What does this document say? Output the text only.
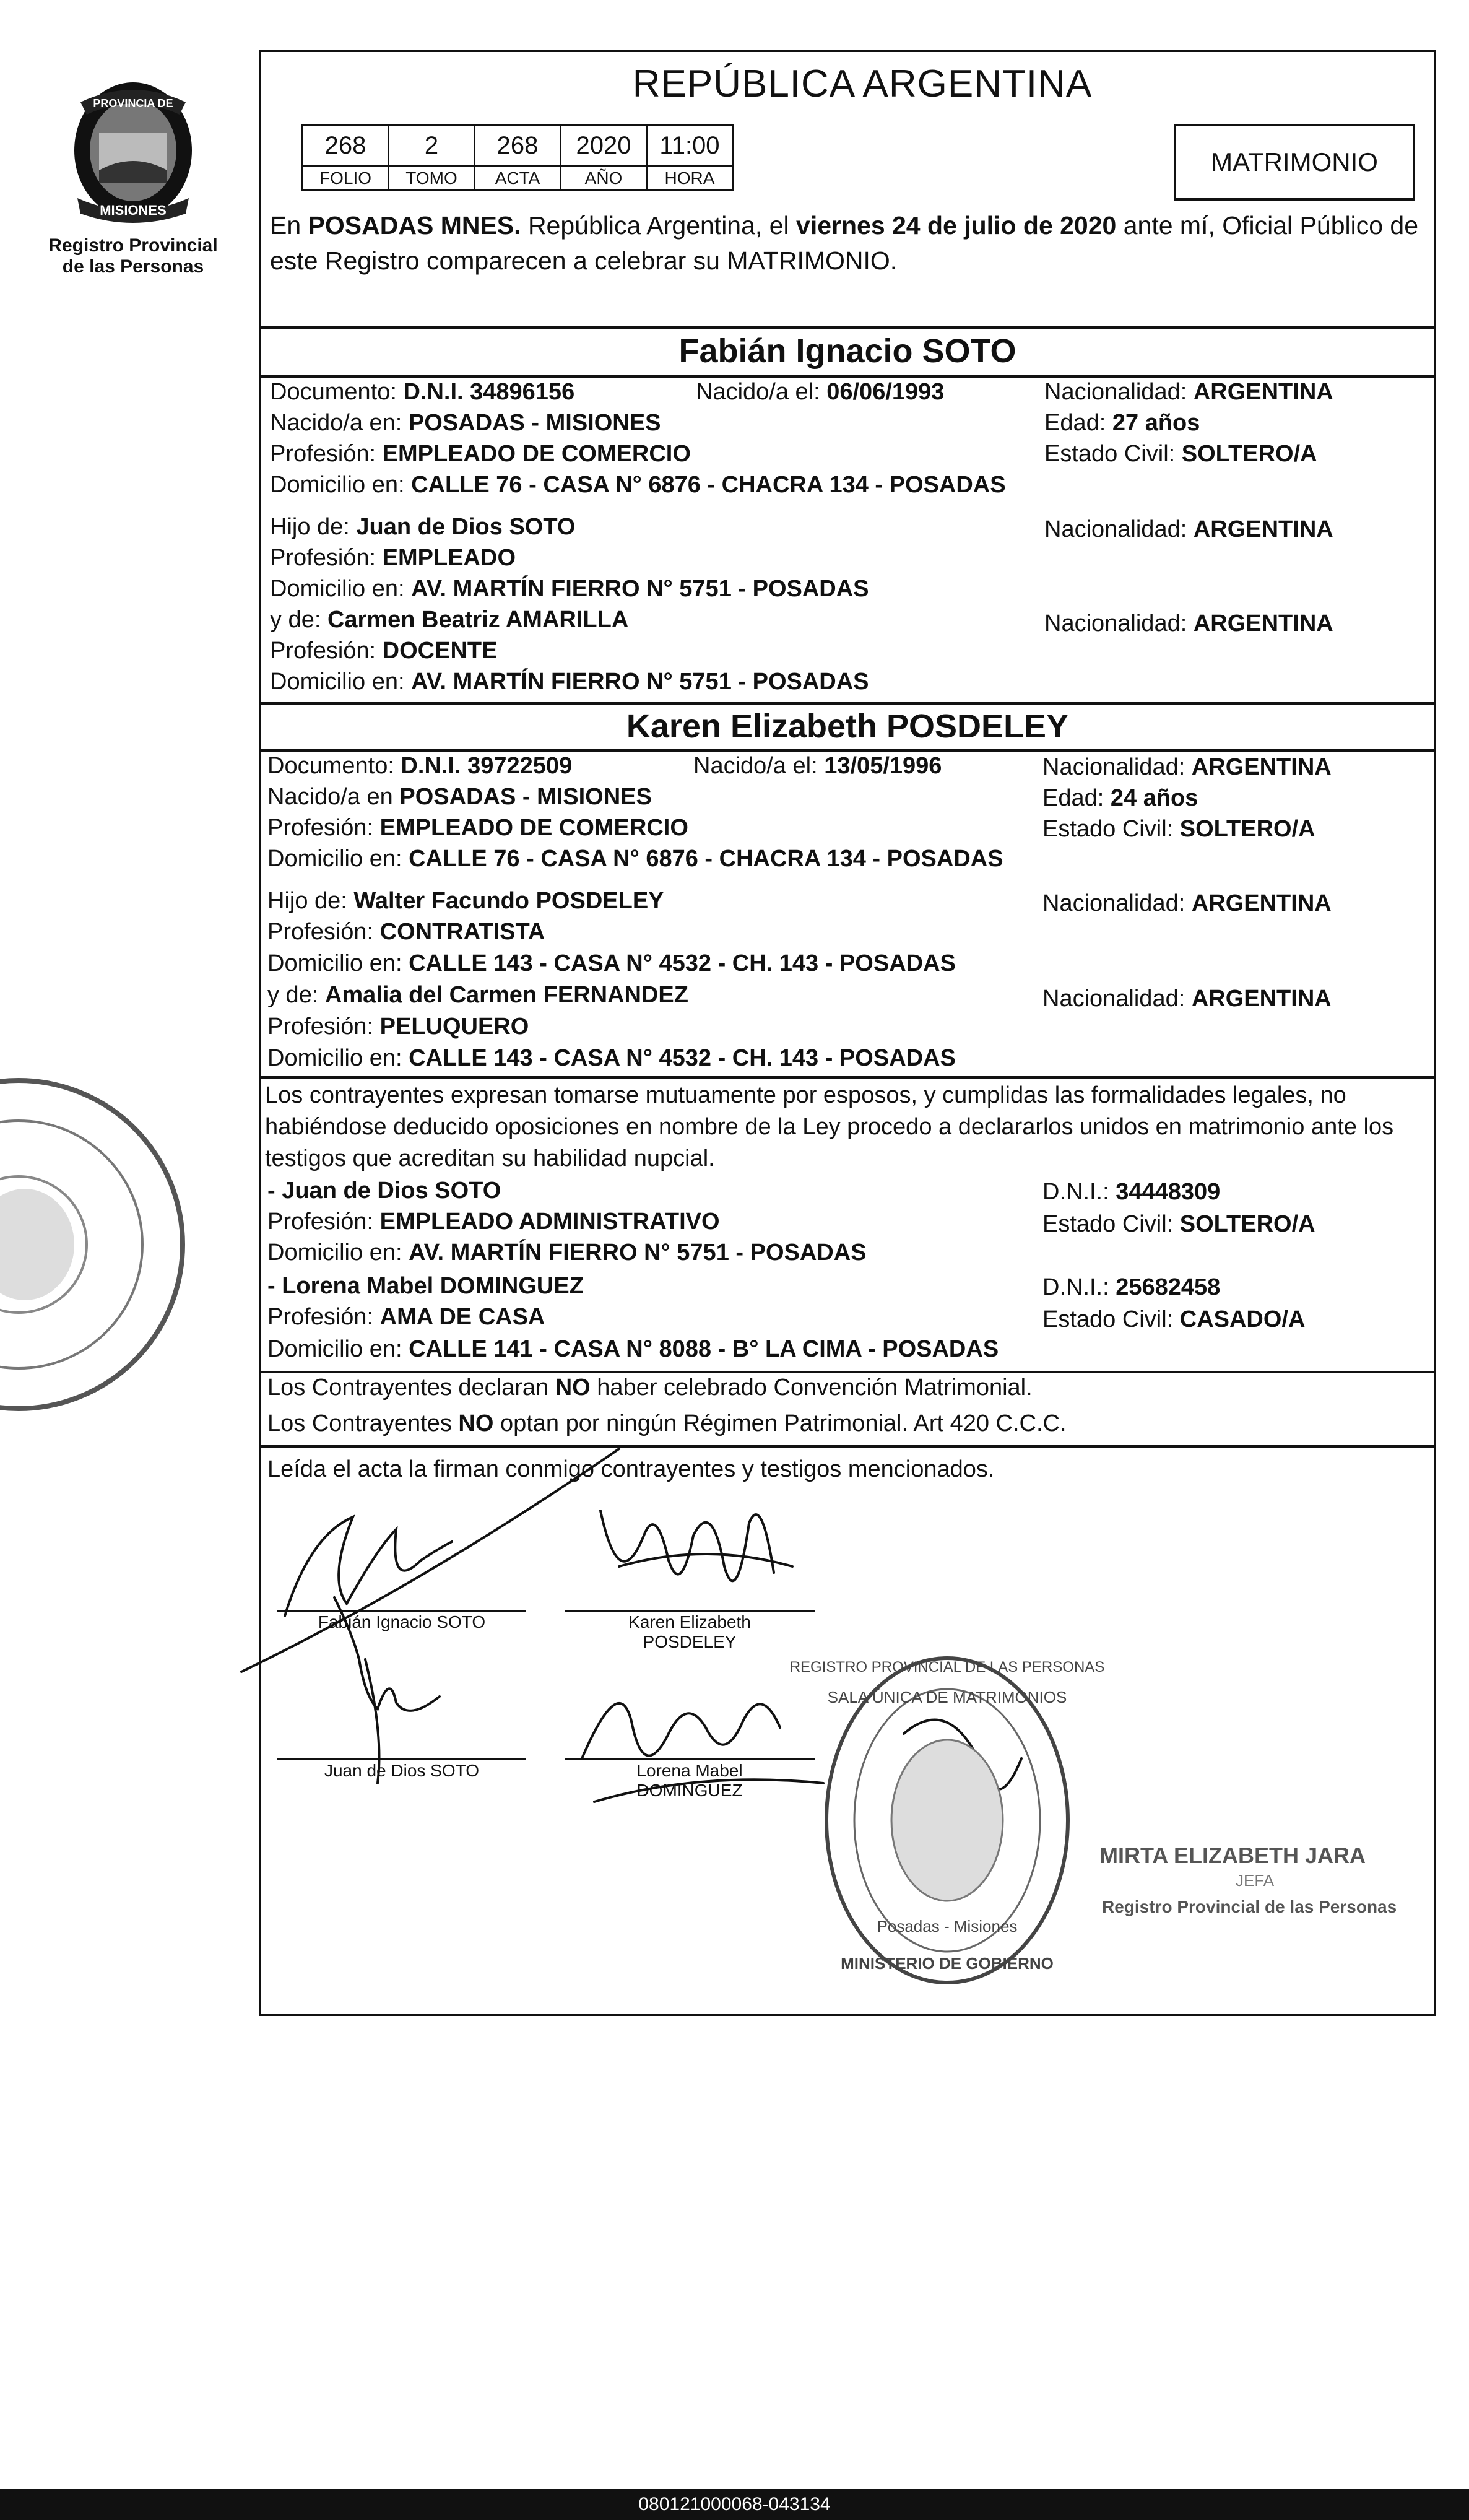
PROVINCIA DE
MISIONES
Registro Provincial
de las Personas
REPÚBLICA ARGENTINA
268	2	268	2020	11:00
FOLIO	TOMO	ACTA	AÑO	HORA
MATRIMONIO
En POSADAS MNES. República Argentina, el viernes 24 de julio de 2020 ante mí, Oficial Público de este Registro comparecen a celebrar su MATRIMONIO.
Fabián Ignacio SOTO
Documento: D.N.I. 34896156	Nacido/a el: 06/06/1993	Nacionalidad: ARGENTINA
Nacido/a en: POSADAS - MISIONES	Edad: 27 años
Profesión: EMPLEADO DE COMERCIO	Estado Civil: SOLTERO/A
Domicilio en: CALLE 76 - CASA N° 6876 - CHACRA 134 - POSADAS
Hijo de: Juan de Dios SOTO	Nacionalidad: ARGENTINA
Profesión: EMPLEADO
Domicilio en: AV. MARTÍN FIERRO N° 5751 - POSADAS
y de: Carmen Beatriz AMARILLA	Nacionalidad: ARGENTINA
Profesión: DOCENTE
Domicilio en: AV. MARTÍN FIERRO N° 5751 - POSADAS
Karen Elizabeth POSDELEY
Documento: D.N.I. 39722509	Nacido/a el: 13/05/1996	Nacionalidad: ARGENTINA
Nacido/a en POSADAS - MISIONES	Edad: 24 años
Profesión: EMPLEADO DE COMERCIO	Estado Civil: SOLTERO/A
Domicilio en: CALLE 76 - CASA N° 6876 - CHACRA 134 - POSADAS
Hijo de: Walter Facundo POSDELEY	Nacionalidad: ARGENTINA
Profesión: CONTRATISTA
Domicilio en: CALLE 143 - CASA N° 4532 - CH. 143 - POSADAS
y de: Amalia del Carmen FERNANDEZ	Nacionalidad: ARGENTINA
Profesión: PELUQUERO
Domicilio en: CALLE 143 - CASA N° 4532 - CH. 143 - POSADAS
Los contrayentes expresan tomarse mutuamente por esposos, y cumplidas las formalidades legales, no habiéndose deducido oposiciones en nombre de la Ley procedo a declararlos unidos en matrimonio ante los testigos que acreditan su habilidad nupcial.
- Juan de Dios SOTO	D.N.I.: 34448309
Profesión: EMPLEADO ADMINISTRATIVO	Estado Civil: SOLTERO/A
Domicilio en: AV. MARTÍN FIERRO N° 5751 - POSADAS
- Lorena Mabel DOMINGUEZ	D.N.I.: 25682458
Profesión: AMA DE CASA	Estado Civil: CASADO/A
Domicilio en: CALLE 141 - CASA N° 8088 - B° LA CIMA - POSADAS
Los Contrayentes declaran NO haber celebrado Convención Matrimonial.
Los Contrayentes NO optan por ningún Régimen Patrimonial. Art 420 C.C.C.
Leída el acta la firman conmigo contrayentes y testigos mencionados.
Fabián Ignacio SOTO	Karen Elizabeth
POSDELEY
Juan de Dios SOTO	Lorena Mabel
DOMINGUEZ
SALA ÚNICA DE MATRIMONIOS
Posadas - Misiones
MINISTERIO DE GOBIERNO
REGISTRO PROVINCIAL DE LAS PERSONAS
MIRTA ELIZABETH JARA
JEFA
Registro Provincial de las Personas
080121000068-043134
